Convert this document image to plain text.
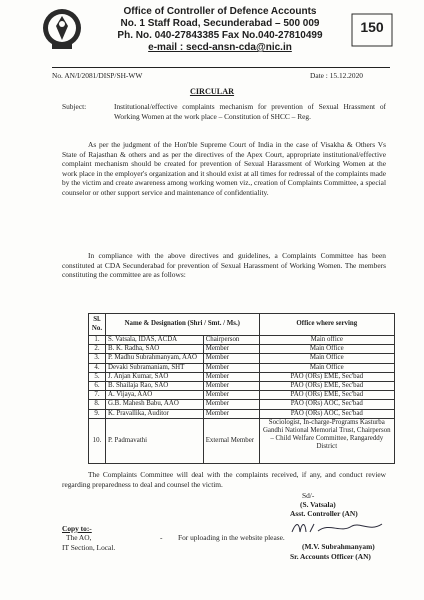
Office of Controller of Defence Accounts
No. 1 Staff Road, Secunderabad – 500 009
Ph. No. 040-27843385 Fax No.040-27810499
e-mail : secd-ansn-cda@nic.in
150
No. AN/I/2081/DISP/SH-WW	Date : 15.12.2020
CIRCULAR
Subject:	Institutional/effective complaints mechanism for prevention of Sexual Hrassment of Working Women at the work place – Constitution of SHCC – Reg.
As per the judgment of the Hon'ble Supreme Court of India in the case of Visakha & Others Vs State of Rajasthan & others and as per the directives of the Apex Court, appropriate institutional/effective complaint mechanism should be created for prevention of Sexual Harassment of Working Women at the work place in the employer's organization and it should exist at all times for redressal of the complaints made by the victim and create awareness among working women viz., creation of Complaints Committee, a special counselor or other support service and maintenance of confidentiality.
In compliance with the above directives and guidelines, a Complaints Committee has been constituted at CDA Secunderabad for prevention of Sexual Harassment of Working Women. The members constituting the committee are as follows:
Sl. No.	Name & Designation (Shri / Smt. / Ms.)		Office where serving
1.	S. Vatsala, IDAS, ACDA	Chairperson	Main office
2.	B. K. Radha, SAO	Member	Main Office
3.	P. Madhu Subrahmanyam, AAO	Member	Main Office
4.	Devaki Subramaniam, SHT	Member	Main Office
5.	J. Anjan Kumar, SAO	Member	PAO (ORs) EME, Sec'bad
6.	B. Shailaja Rao, SAO	Member	PAO (ORs) EME, Sec'bad
7.	A. Vijaya, AAO	Member	PAO (ORs) EME, Sec'bad
8.	G.B. Mahesh Babu, AAO	Member	PAO (ORs) AOC, Sec'bad
9.	K. Pravallika, Auditor	Member	PAO (ORs) AOC, Sec'bad
10.	P. Padmavathi	External Member	Sociologist, In-charge-Programs Kasturba Gandhi National Memorial Trust, Chairperson – Child Welfare Committee, Rangareddy District
The Complaints Committee will deal with the complaints received, if any, and conduct review regarding preparedness to deal and counsel the victim.
Sd/-
(S. Vatsala)
Asst. Controller (AN)
Copy to:-
The AO,
IT Section, Local.
- For uploading in the website please.
(M.V. Subrahmanyam)
Sr. Accounts Officer (AN)
